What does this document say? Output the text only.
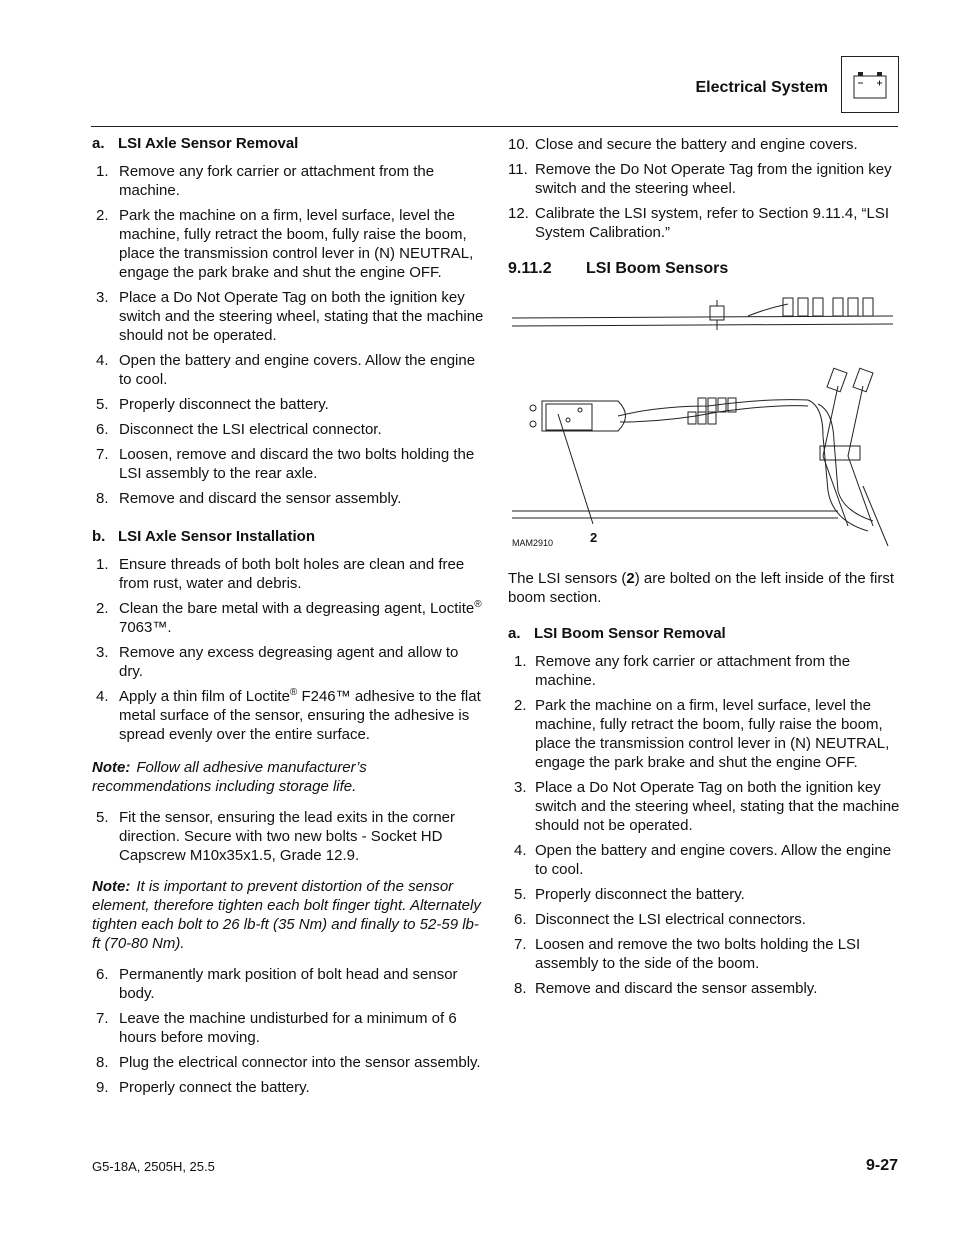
Electrical System
a. LSI Axle Sensor Removal
1. Remove any fork carrier or attachment from the machine.
2. Park the machine on a firm, level surface, level the machine, fully retract the boom, fully raise the boom, place the transmission control lever in (N) NEUTRAL, engage the park brake and shut the engine OFF.
3. Place a Do Not Operate Tag on both the ignition key switch and the steering wheel, stating that the machine should not be operated.
4. Open the battery and engine covers. Allow the engine to cool.
5. Properly disconnect the battery.
6. Disconnect the LSI electrical connector.
7. Loosen, remove and discard the two bolts holding the LSI assembly to the rear axle.
8. Remove and discard the sensor assembly.
b. LSI Axle Sensor Installation
1. Ensure threads of both bolt holes are clean and free from rust, water and debris.
2. Clean the bare metal with a degreasing agent, Loctite® 7063™.
3. Remove any excess degreasing agent and allow to dry.
4. Apply a thin film of Loctite® F246™ adhesive to the flat metal surface of the sensor, ensuring the adhesive is spread evenly over the entire surface.
Note: Follow all adhesive manufacturer’s recommendations including storage life.
5. Fit the sensor, ensuring the lead exits in the corner direction. Secure with two new bolts - Socket HD Capscrew M10x35x1.5, Grade 12.9.
Note: It is important to prevent distortion of the sensor element, therefore tighten each bolt finger tight. Alternately tighten each bolt to 26 lb-ft (35 Nm) and finally to 52-59 lb-ft (70-80 Nm).
6. Permanently mark position of bolt head and sensor body.
7. Leave the machine undisturbed for a minimum of 6 hours before moving.
8. Plug the electrical connector into the sensor assembly.
9. Properly connect the battery.
10. Close and secure the battery and engine covers.
11. Remove the Do Not Operate Tag from the ignition key switch and the steering wheel.
12. Calibrate the LSI system, refer to Section 9.11.4, “LSI System Calibration.”
9.11.2 LSI Boom Sensors
2
MAM2910
The LSI sensors (2) are bolted on the left inside of the first boom section.
a. LSI Boom Sensor Removal
1. Remove any fork carrier or attachment from the machine.
2. Park the machine on a firm, level surface, level the machine, fully retract the boom, fully raise the boom, place the transmission control lever in (N) NEUTRAL, engage the park brake and shut the engine OFF.
3. Place a Do Not Operate Tag on both the ignition key switch and the steering wheel, stating that the machine should not be operated.
4. Open the battery and engine covers. Allow the engine to cool.
5. Properly disconnect the battery.
6. Disconnect the LSI electrical connectors.
7. Loosen and remove the two bolts holding the LSI assembly to the side of the boom.
8. Remove and discard the sensor assembly.
G5-18A, 2505H, 25.5	9-27
